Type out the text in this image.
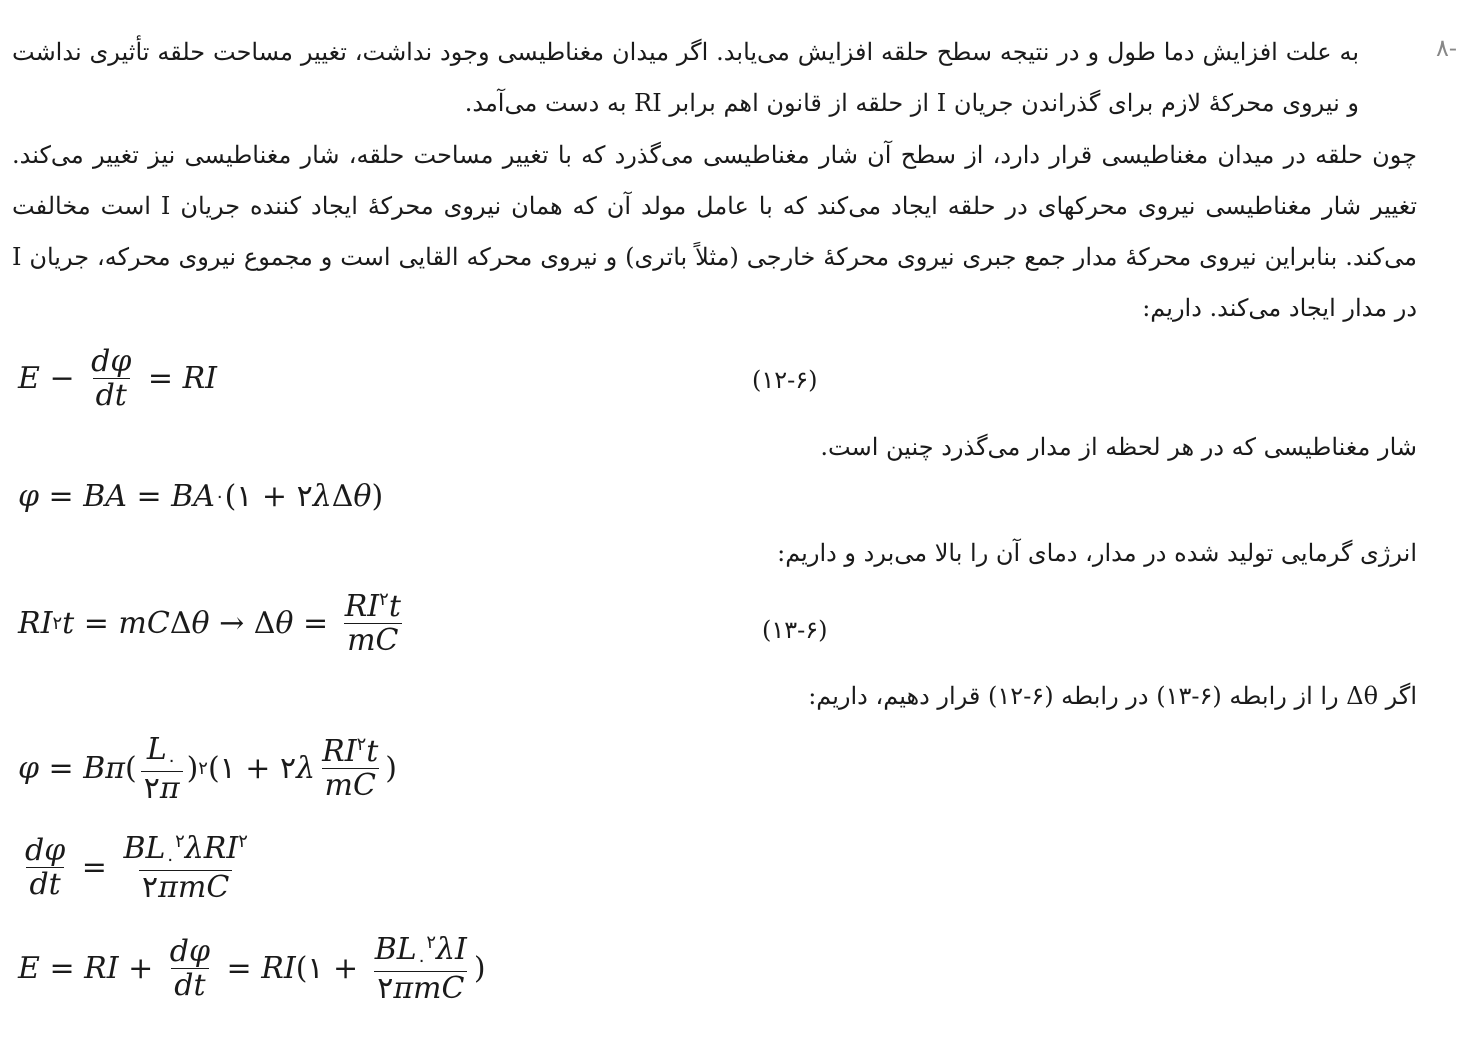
-۸
به علت افزایش دما طول و در نتیجه سطح حلقه افزایش می‌یابد. اگر میدان مغناطیسی وجود نداشت، تغییر مساحت حلقه تأثیری نداشت و نیروی محرکهٔ لازم برای گذراندن جریان I از حلقه از قانون اهم برابر RI به دست می‌آمد.
چون حلقه در میدان مغناطیسی قرار دارد، از سطح آن شار مغناطیسی می‌گذرد که با تغییر مساحت حلقه، شار مغناطیسی نیز تغییر می‌کند. تغییر شار مغناطیسی نیروی محرکهای در حلقه ایجاد می‌کند که با عامل مولد آن که همان نیروی محرکهٔ ایجاد کننده جریان I است مخالفت می‌کند. بنابراین نیروی محرکهٔ مدار جمع جبری نیروی محرکهٔ خارجی (مثلاً باتری) و نیروی محرکه القایی است و مجموع نیروی محرکه، جریان I در مدار ایجاد می‌کند. داریم:
$E - \frac{d\varphi}{dt}$ = RI	(۱۲-۶)
شار مغناطیسی که در هر لحظه از مدار می‌گذرد چنین است.
φ = BA = BA ۰ (۱ + ۲ λ Δ θ )
انرژی گرمایی تولید شده در مدار، دمای آن را بالا می‌برد و داریم:
RI ۲ t = mC Δ θ → Δ $\theta = \frac{RI^۲t}{mC}$	(۱۳-۶)
اگر Δθ را از رابطه (۶-۱۳) در رابطه (۶-۱۲) قرار دهیم، داریم:
φ = Bπ ( $\frac{L_۰}{۲\pi}$ ) ۲ (۱ + ۲ λ $\frac{RI^۲t}{mC}$ )
$\frac{d\varphi}{dt} = \frac{BL_۰^۲\lambda RI^۲}{\text{۲πmC}}$
E = RI + $\frac{d\varphi}{dt}$ = RI (۱ + $\frac{BL_۰^۲\lambda I}{\text{۲πmC}}$ )
